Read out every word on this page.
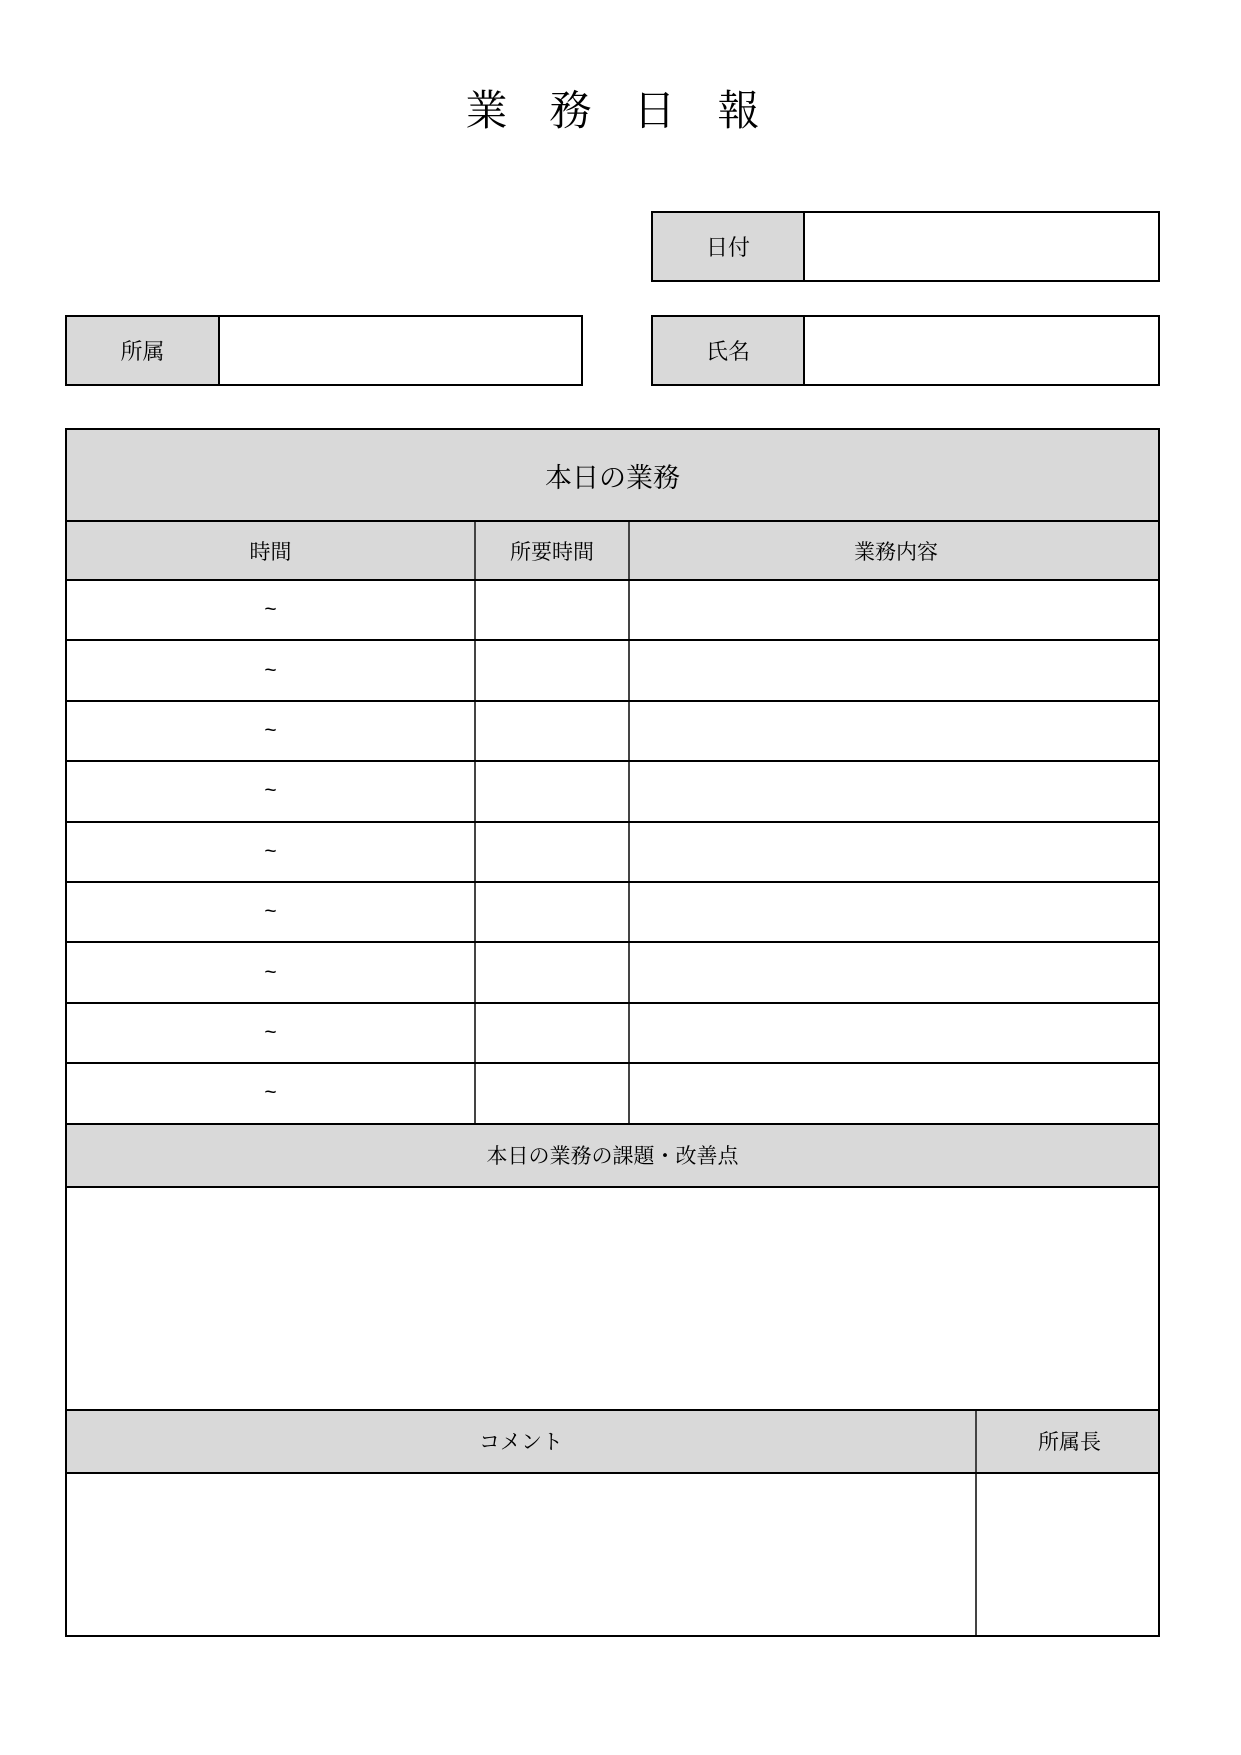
業　務　日　報
日付
所属	氏名
本日の業務
時間	所要時間	業務内容
~
~
~
~
~
~
~
~
~
本日の業務の課題・改善点
コメント	所属長
